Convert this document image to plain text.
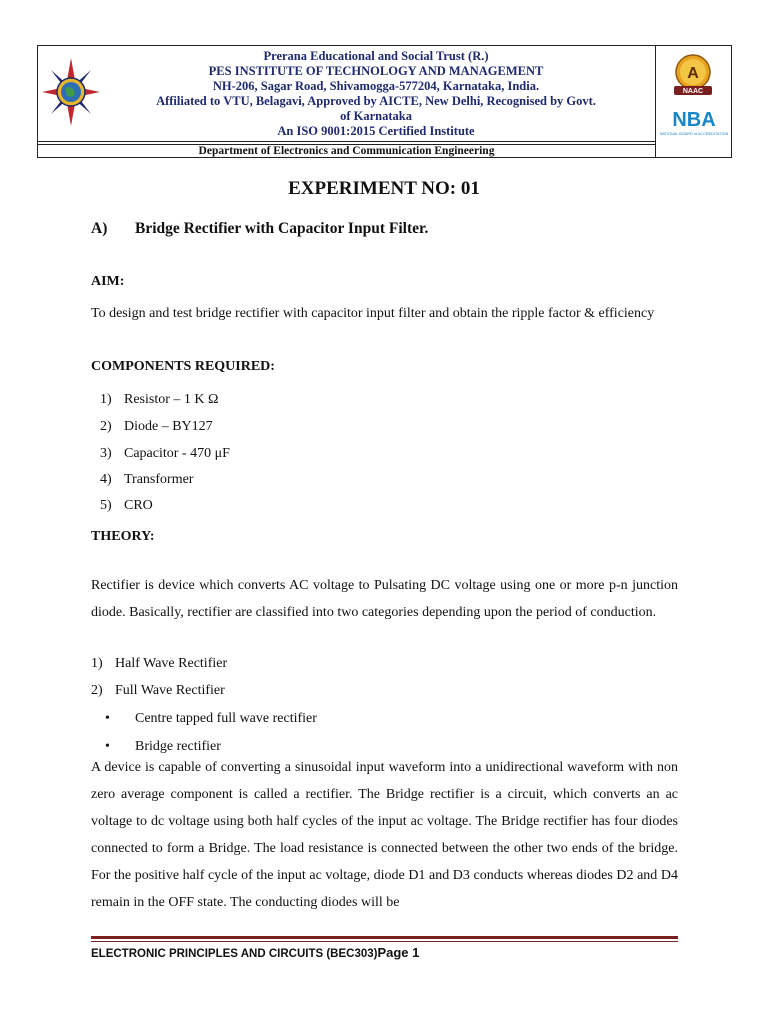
Prerana Educational and Social Trust (R.)
PES INSTITUTE OF TECHNOLOGY AND MANAGEMENT
NH-206, Sagar Road, Shivamogga-577204, Karnataka, India.
Affiliated to VTU, Belagavi, Approved by AICTE, New Delhi, Recognised by Govt.
of Karnataka
An ISO 9001:2015 Certified Institute
Department of Electronics and Communication Engineering
A
NAAC
NBA
NATIONAL BOARD of ACCREDITATION
EXPERIMENT NO: 01
A) Bridge Rectifier with Capacitor Input Filter.
AIM:
To design and test bridge rectifier with capacitor input filter and obtain the ripple factor & efficiency
COMPONENTS REQUIRED:
1) Resistor – 1 K Ω
2) Diode – BY127
3) Capacitor - 470 μF
4) Transformer
5) CRO
THEORY:
Rectifier is device which converts AC voltage to Pulsating DC voltage using one or more p-n junction diode. Basically, rectifier are classified into two categories depending upon the period of conduction.
1) Half Wave Rectifier
2) Full Wave Rectifier
• Centre tapped full wave rectifier
• Bridge rectifier
A device is capable of converting a sinusoidal input waveform into a unidirectional waveform with non zero average component is called a rectifier. The Bridge rectifier is a circuit, which converts an ac voltage to dc voltage using both half cycles of the input ac voltage. The Bridge rectifier has four diodes connected to form a Bridge. The load resistance is connected between the other two ends of the bridge. For the positive half cycle of the input ac voltage, diode D1 and D3 conducts whereas diodes D2 and D4 remain in the OFF state. The conducting diodes will be
ELECTRONIC PRINCIPLES AND CIRCUITS (BEC303)Page 1
